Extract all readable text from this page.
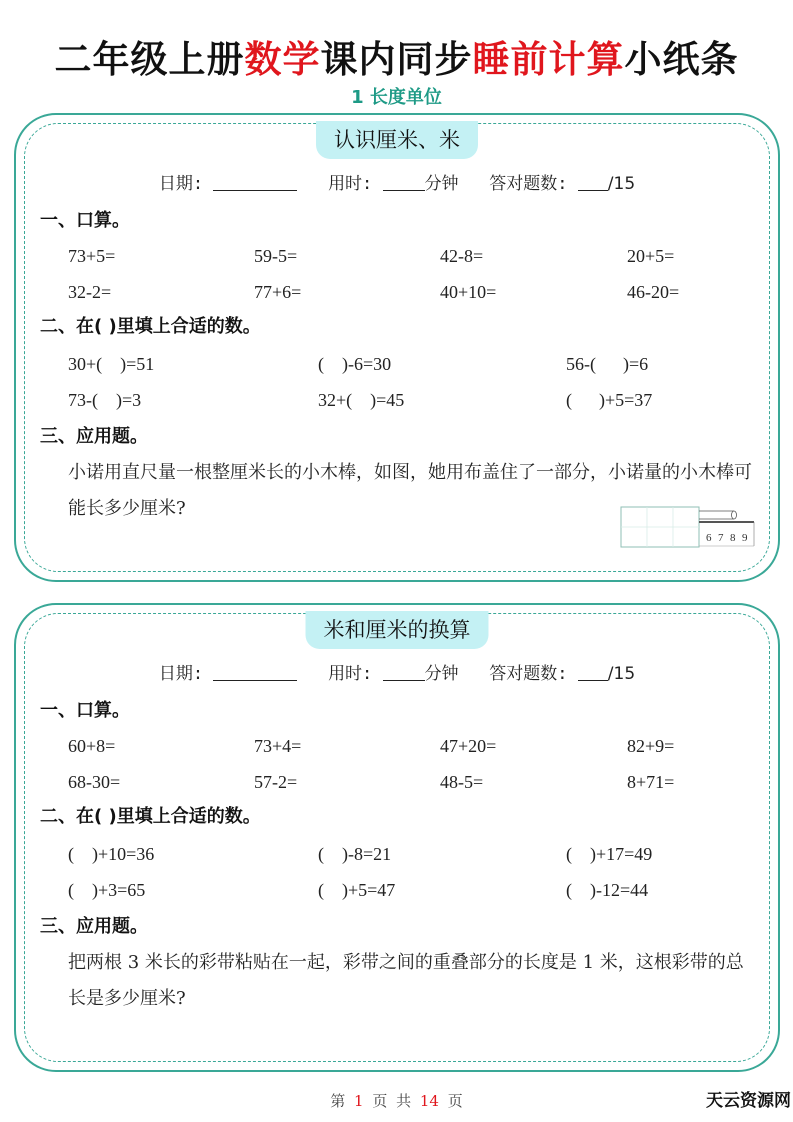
二年级上册数学课内同步睡前计算小纸条
1 长度单位
认识厘米、米
日期:	用时:	分钟 答对题数: /15
一、口算。
73+5=	59-5=	42-8=	20+5=
32-2=	77+6=	40+10=	46-20=
二、在( )里填上合适的数。
30+(    )=51	(    )-6=30	56-(      )=6
73-(    )=3	32+(    )=45	(      )+5=37
三、应用题。
小诺用直尺量一根整厘米长的小木棒，如图，她用布盖住了一部分，小诺量的小木棒可能长多少厘米?
6 7 8 9
米和厘米的换算
日期:	用时:	分钟 答对题数: /15
一、口算。
60+8=	73+4=	47+20=	82+9=
68-30=	57-2=	48-5=	8+71=
二、在( )里填上合适的数。
(    )+10=36	(    )-8=21	(    )+17=49
(    )+3=65	(    )+5=47	(    )-12=44
三、应用题。
把两根 3 米长的彩带粘贴在一起，彩带之间的重叠部分的长度是 1 米，这根彩带的总长是多少厘米?
第 1 页 共 14 页	天云资源网
